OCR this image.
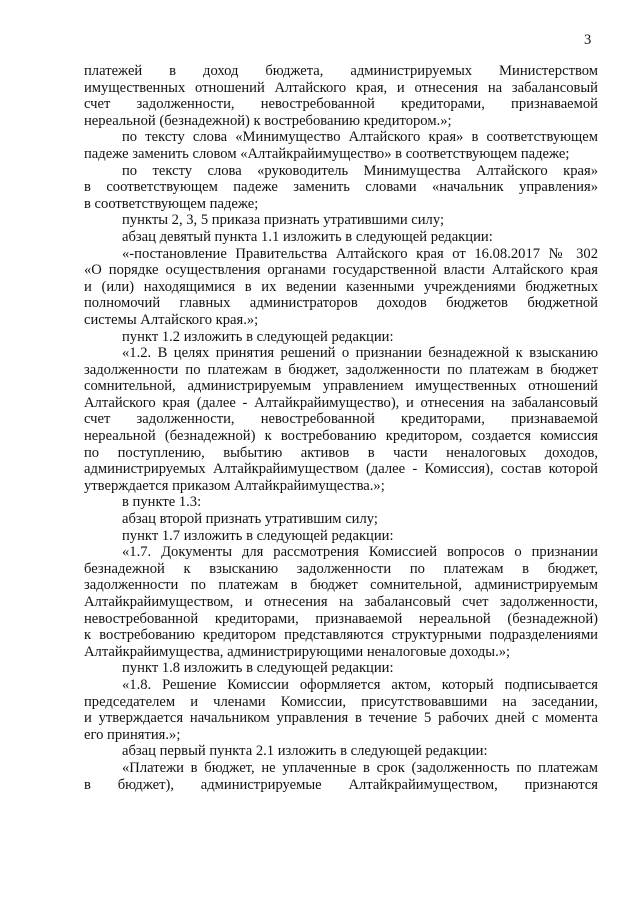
3
платежей в доход бюджета, администрируемых Министерством
имущественных отношений Алтайского края, и отнесения на забалансовый
счет задолженности, невостребованной кредиторами, признаваемой
нереальной (безнадежной) к востребованию кредитором.»;
по тексту слова «Минимущество Алтайского края» в соответствующем
падеже заменить словом «Алтайкрайимущество» в соответствующем падеже;
по тексту слова «руководитель Минимущества Алтайского края»
в соответствующем падеже заменить словами «начальник управления»
в соответствующем падеже;
пункты 2, 3, 5 приказа признать утратившими силу;
абзац девятый пункта 1.1 изложить в следующей редакции:
«-постановление Правительства Алтайского края от 16.08.2017 № 302
«О порядке осуществления органами государственной власти Алтайского края
и (или) находящимися в их ведении казенными учреждениями бюджетных
полномочий главных администраторов доходов бюджетов бюджетной
системы Алтайского края.»;
пункт 1.2 изложить в следующей редакции:
«1.2. В целях принятия решений о признании безнадежной к взысканию
задолженности по платежам в бюджет, задолженности по платежам в бюджет
сомнительной, администрируемым управлением имущественных отношений
Алтайского края (далее - Алтайкрайимущество), и отнесения на забалансовый
счет задолженности, невостребованной кредиторами, признаваемой
нереальной (безнадежной) к востребованию кредитором, создается комиссия
по поступлению, выбытию активов в части неналоговых доходов,
администрируемых Алтайкрайимуществом (далее - Комиссия), состав которой
утверждается приказом Алтайкрайимущества.»;
в пункте 1.3:
абзац второй признать утратившим силу;
пункт 1.7 изложить в следующей редакции:
«1.7. Документы для рассмотрения Комиссией вопросов о признании
безнадежной к взысканию задолженности по платежам в бюджет,
задолженности по платежам в бюджет сомнительной, администрируемым
Алтайкрайимуществом, и отнесения на забалансовый счет задолженности,
невостребованной кредиторами, признаваемой нереальной (безнадежной)
к востребованию кредитором представляются структурными подразделениями
Алтайкрайимущества, администрирующими неналоговые доходы.»;
пункт 1.8 изложить в следующей редакции:
«1.8. Решение Комиссии оформляется актом, который подписывается
председателем и членами Комиссии, присутствовавшими на заседании,
и утверждается начальником управления в течение 5 рабочих дней с момента
его принятия.»;
абзац первый пункта 2.1 изложить в следующей редакции:
«Платежи в бюджет, не уплаченные в срок (задолженность по платежам
в бюджет), администрируемые Алтайкрайимуществом, признаются
